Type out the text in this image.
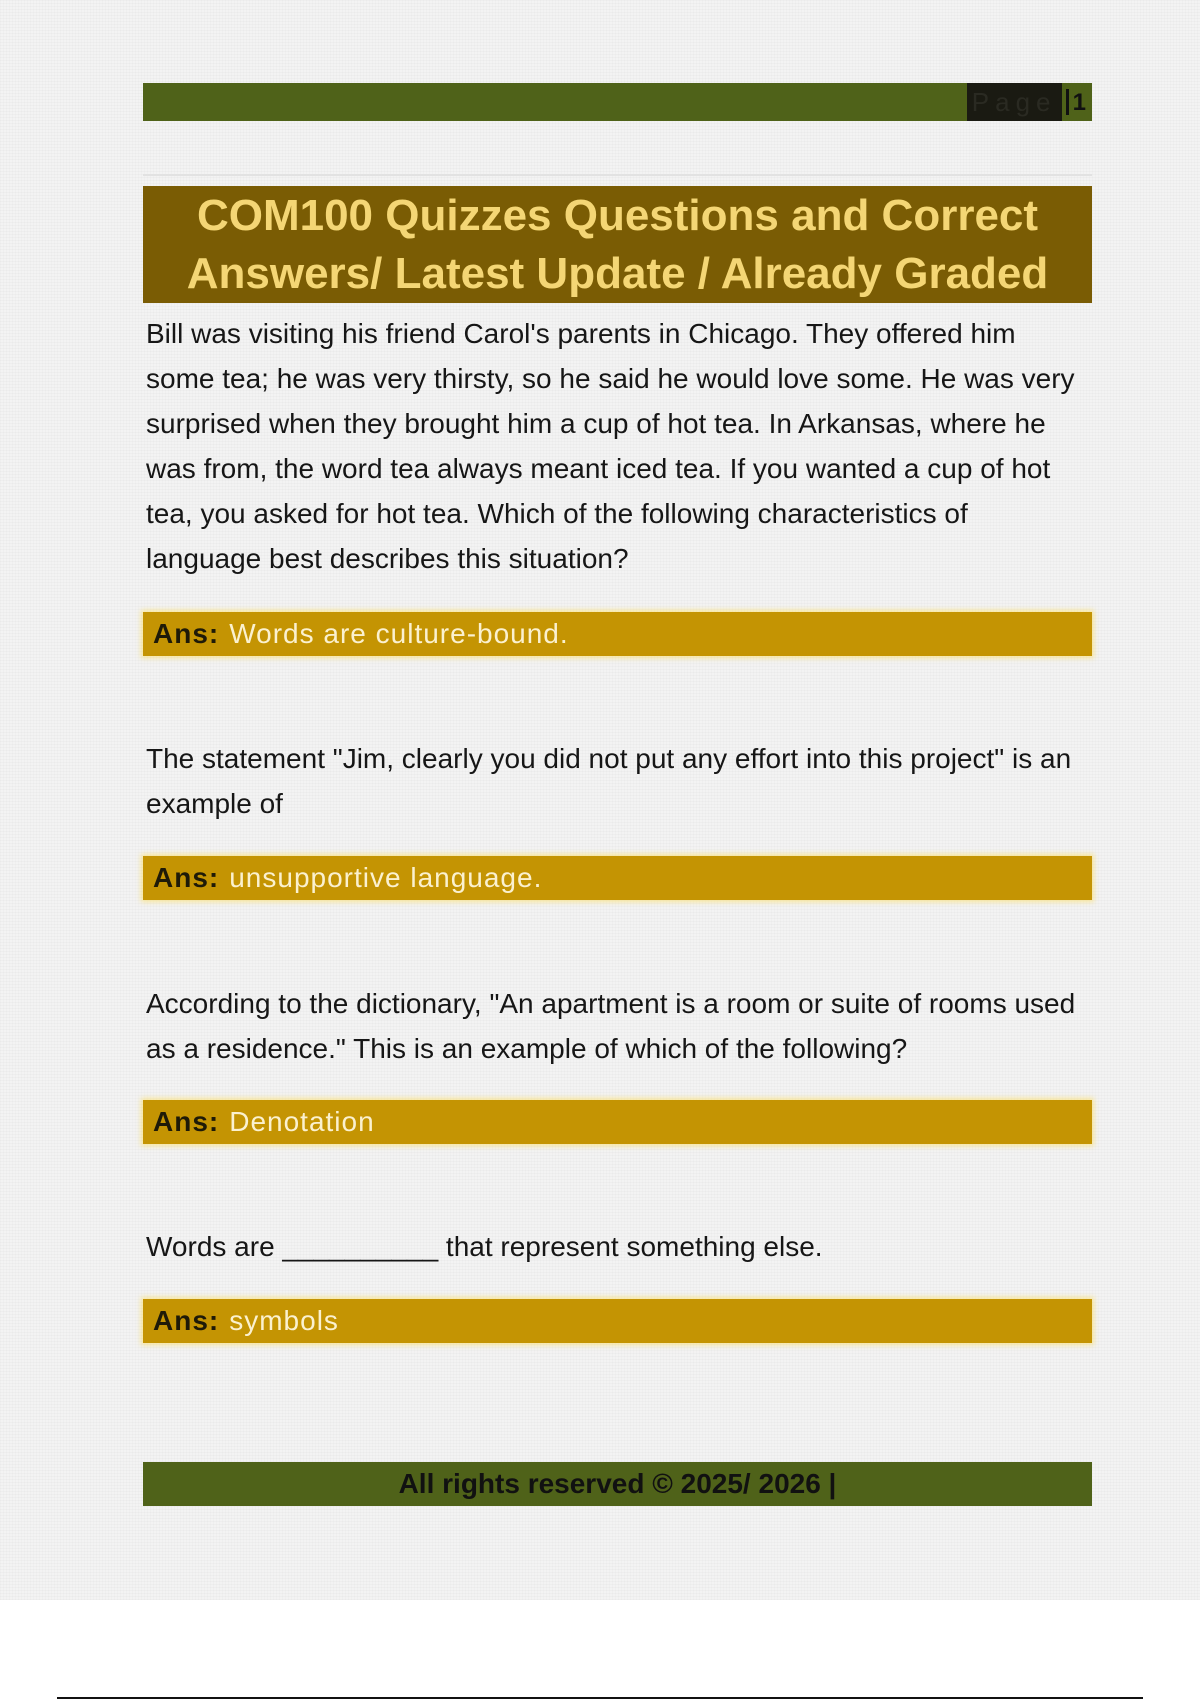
Page 1
COM100 Quizzes Questions and Correct
Answers/ Latest Update / Already Graded
Bill was visiting his friend Carol's parents in Chicago. They offered him some tea; he was very thirsty, so he said he would love some. He was very surprised when they brought him a cup of hot tea. In Arkansas, where he was from, the word tea always meant iced tea. If you wanted a cup of hot tea, you asked for hot tea. Which of the following characteristics of language best describes this situation?
Ans: Words are culture-bound.
The statement "Jim, clearly you did not put any effort into this project" is an example of
Ans: unsupportive language.
According to the dictionary, "An apartment is a room or suite of rooms used as a residence." This is an example of which of the following?
Ans: Denotation
Words are __________ that represent something else.
Ans: symbols
All rights reserved © 2025/ 2026 |
